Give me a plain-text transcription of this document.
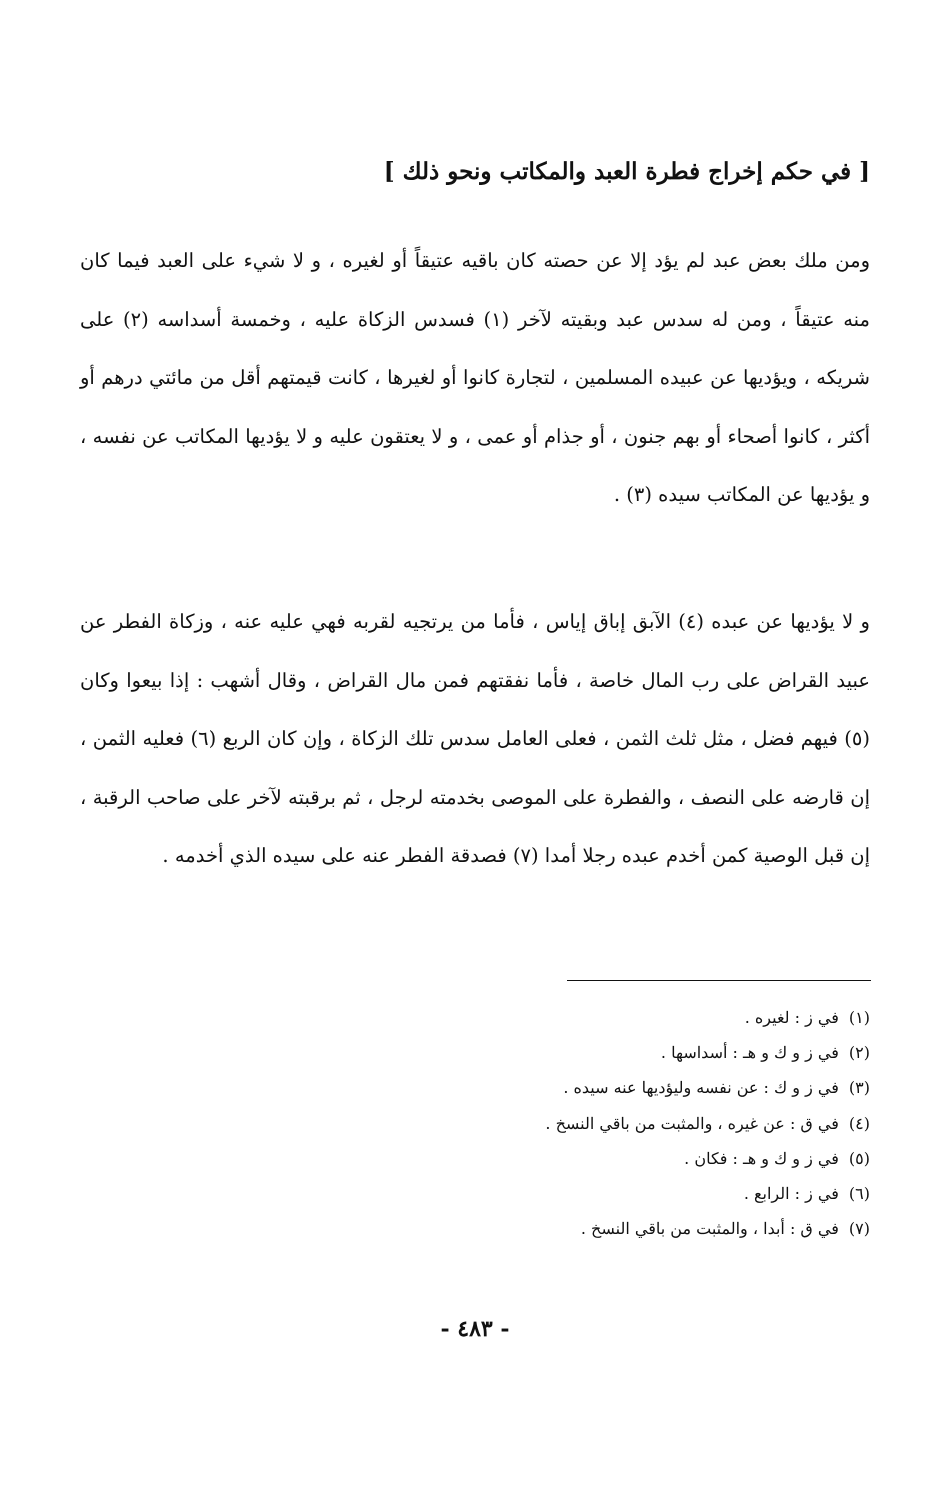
[ في حكم إخراج فطرة العبد والمكاتب ونحو ذلك ]

ومن ملك بعض عبد لم يؤد إلا عن حصته كان باقيه عتيقاً أو لغيره ، و لا شيء على العبد فيما كان منه عتيقاً ، ومن له سدس عبد وبقيته لآخر (١) فسدس الزكاة عليه ، وخمسة أسداسه (٢) على شريكه ، ويؤديها عن عبيده المسلمين ، لتجارة كانوا أو لغيرها ، كانت قيمتهم أقل من مائتي درهم أو أكثر ، كانوا أصحاء أو بهم جنون ، أو جذام أو عمى ، و لا يعتقون عليه و لا يؤديها المكاتب عن نفسه ، و يؤديها عن المكاتب سيده (٣) .

و لا يؤديها عن عبده (٤) الآبق إباق إياس ، فأما من يرتجيه لقربه فهي عليه عنه ، وزكاة الفطر عن عبيد القراض على رب المال خاصة ، فأما نفقتهم فمن مال القراض ، وقال أشهب : إذا بيعوا وكان (٥) فيهم فضل ، مثل ثلث الثمن ، فعلى العامل سدس تلك الزكاة ، وإن كان الربع (٦) فعليه الثمن ، إن قارضه على النصف ، والفطرة على الموصى بخدمته لرجل ، ثم برقبته لآخر على صاحب الرقبة ، إن قبل الوصية كمن أخدم عبده رجلا أمدا (٧) فصدقة الفطر عنه على سيده الذي أخدمه .

(١)في ز : لغيره .
(٢)في ز و ك و هـ : أسداسها .
(٣)في ز و ك : عن نفسه وليؤديها عنه سيده .
(٤)في ق : عن غيره ، والمثبت من باقي النسخ .
(٥)في ز و ك و هـ : فكان .
(٦)في ز : الرابع .
(٧)في ق : أبدا ، والمثبت من باقي النسخ .
- ٤٨٣ -
